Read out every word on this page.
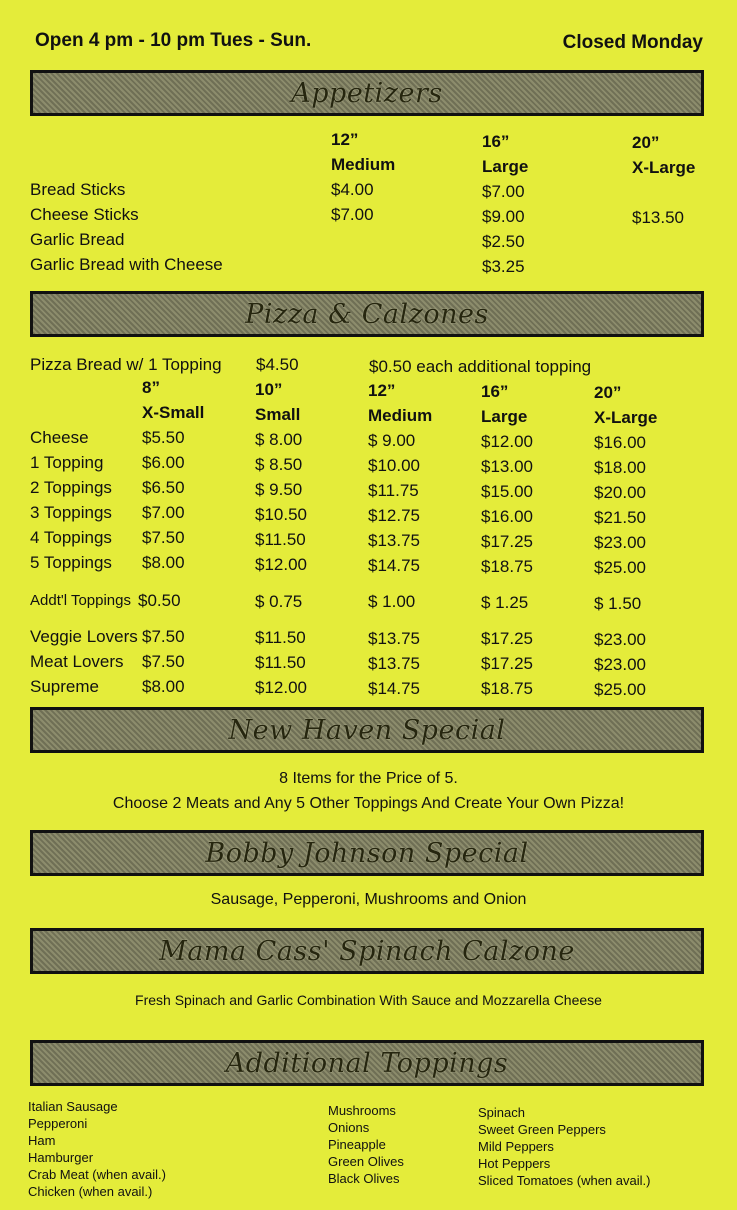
Open 4 pm - 10 pm Tues - Sun.	Closed Monday
Appetizers
Bread Sticks
Cheese Sticks
Garlic Bread
Garlic Bread with Cheese
12”
Medium
$4.00
$7.00
16”
Large
$7.00
$9.00
$2.50
$3.25
20”
X-Large
$13.50
Pizza & Calzones
Pizza Bread w/ 1 Topping $4.50	$0.50 each additional topping
Cheese
1 Topping
2 Toppings
3 Toppings
4 Toppings
5 Toppings
Addt'l Toppings
Veggie Lovers
Meat Lovers
Supreme
8”
X-Small
$5.50
$6.00
$6.50
$7.00
$7.50
$8.00
$0.50
$7.50
$7.50
$8.00
10”
Small
$ 8.00
$ 8.50
$ 9.50
$10.50
$11.50
$12.00
$ 0.75
$11.50
$11.50
$12.00
12”
Medium
$ 9.00
$10.00
$11.75
$12.75
$13.75
$14.75
$ 1.00
$13.75
$13.75
$14.75
16”
Large
$12.00
$13.00
$15.00
$16.00
$17.25
$18.75
$ 1.25
$17.25
$17.25
$18.75
20”
X-Large
$16.00
$18.00
$20.00
$21.50
$23.00
$25.00
$ 1.50
$23.00
$23.00
$25.00
New Haven Special
8 Items for the Price of 5.
Choose 2 Meats and Any 5 Other Toppings And Create Your Own Pizza!
Bobby Johnson Special
Sausage, Pepperoni, Mushrooms and Onion
Mama Cass' Spinach Calzone
Fresh Spinach and Garlic Combination With Sauce and Mozzarella Cheese
Additional Toppings
Italian Sausage
Pepperoni
Ham
Hamburger
Crab Meat (when avail.)
Chicken (when avail.)
Mushrooms
Onions
Pineapple
Green Olives
Black Olives
Spinach
Sweet Green Peppers
Mild Peppers
Hot Peppers
Sliced Tomatoes (when avail.)
